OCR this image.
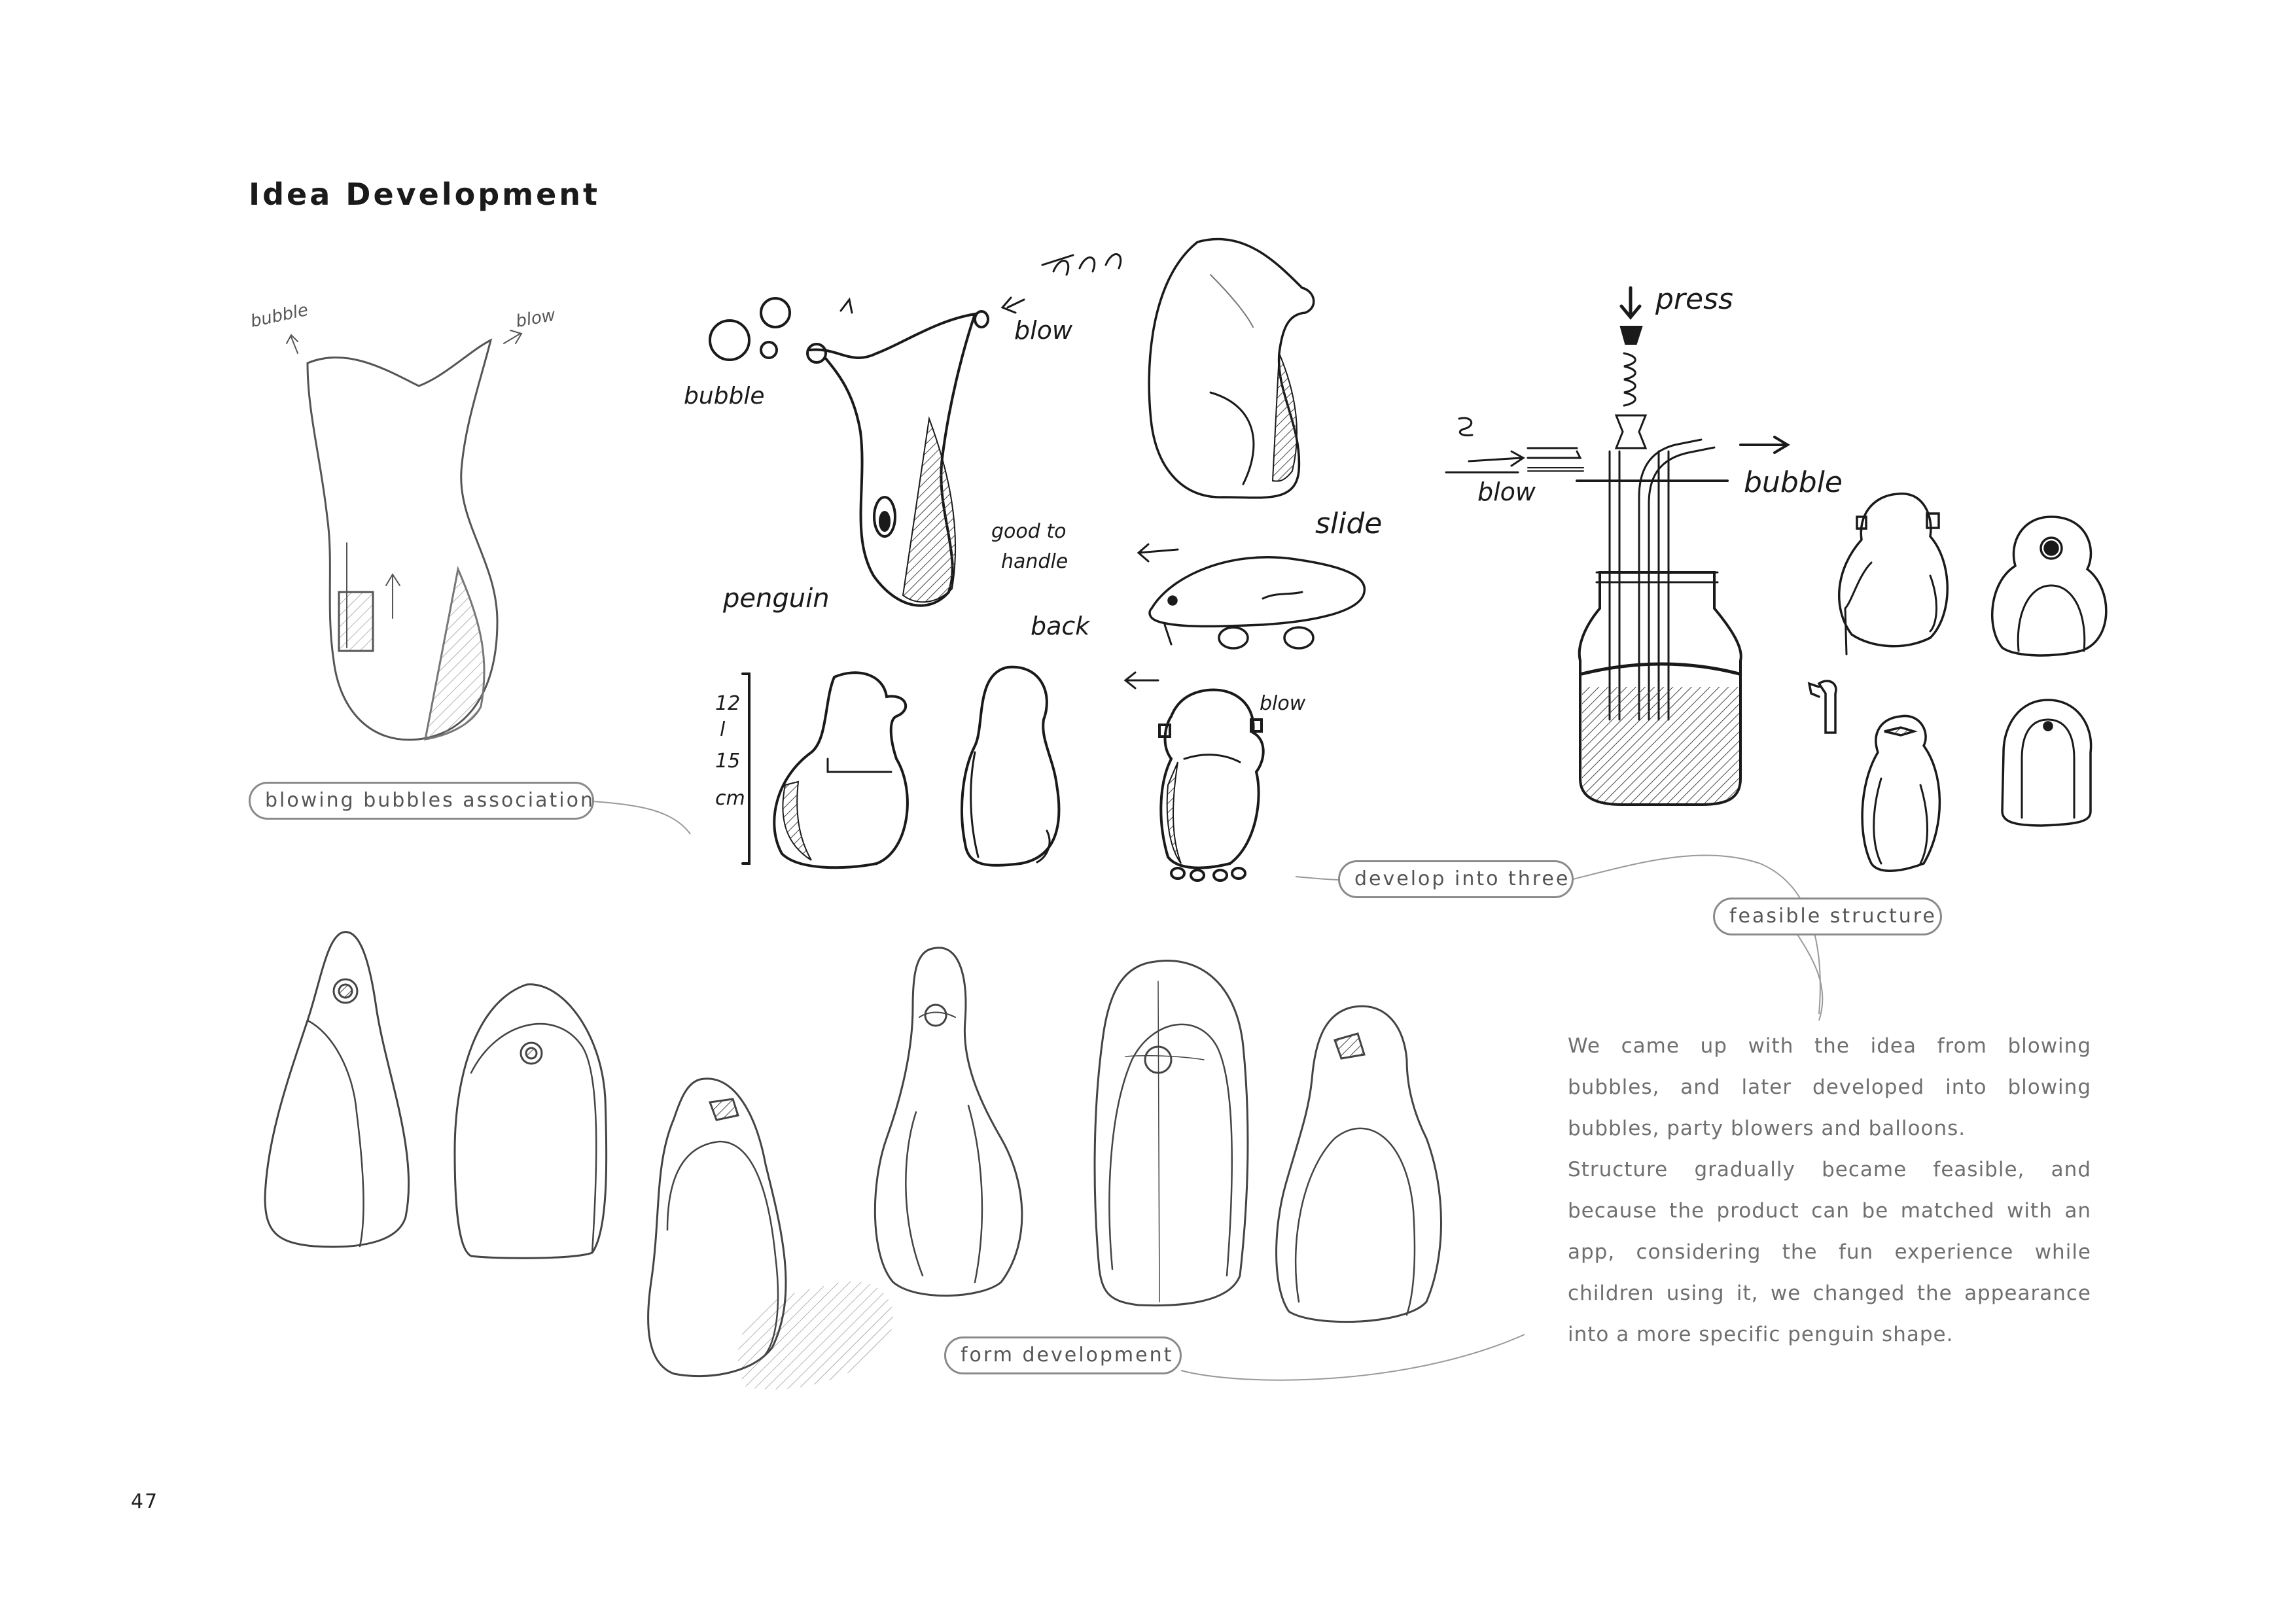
bubble	blow	blow
bubble
good to
handle
penguin
slide
back
12
l
15
cm
blow
press
blow	bubble
Idea Development
blowing bubbles association
develop into three
feasible structure
form development

We came up with the idea from blowing bubbles, and later developed into blowing bubbles, party blowers and balloons.

Structure gradually became feasible, and because the product can be matched with an app, considering the fun experience while children using it, we changed the appearance into a more specific penguin shape.

47
